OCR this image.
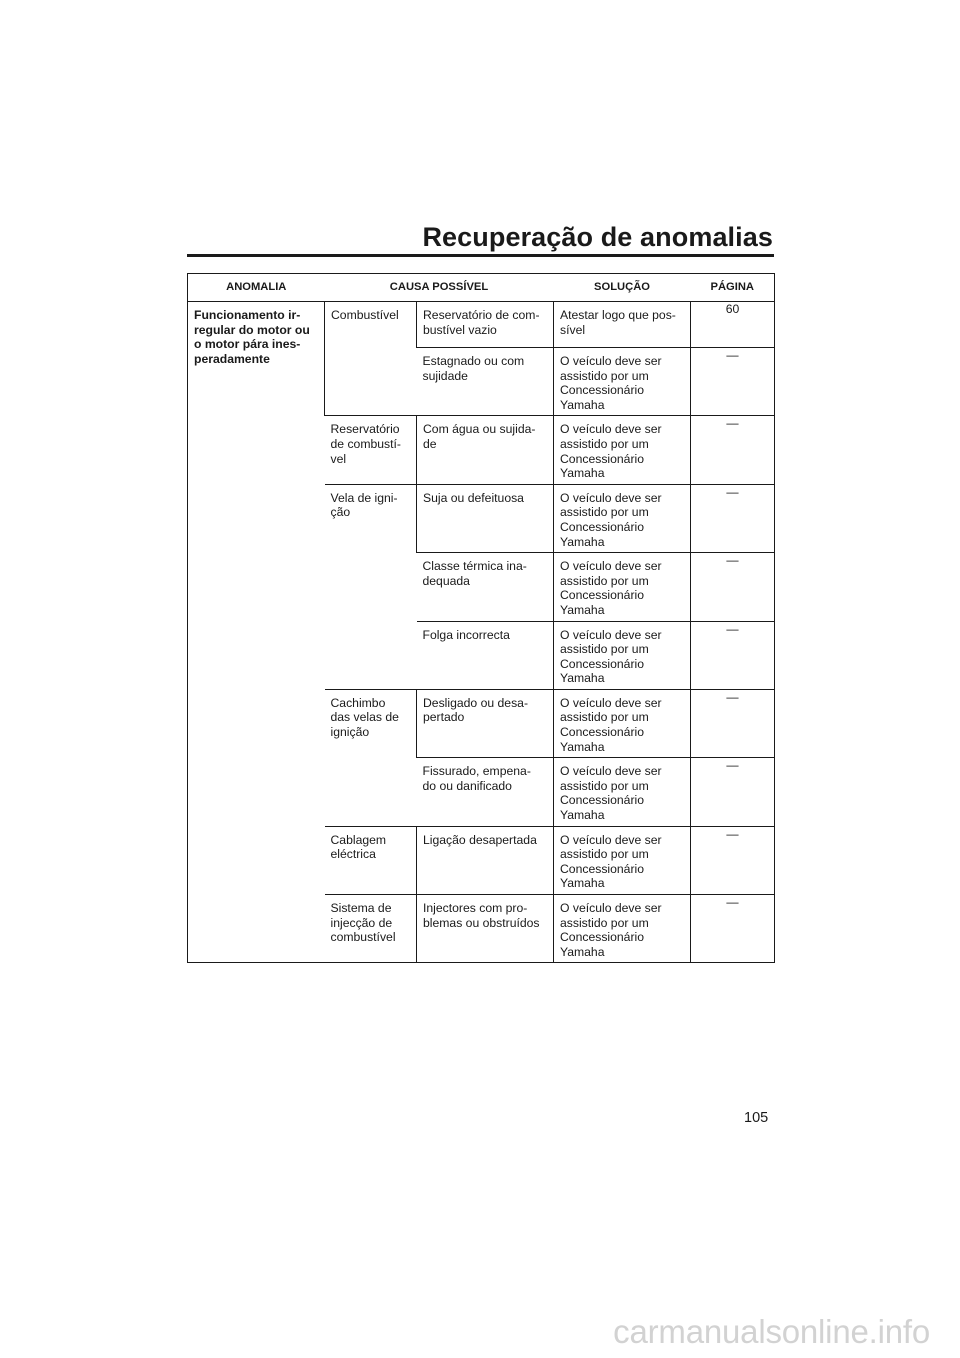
Recuperação de anomalias
ANOMALIA	CAUSA POSSÍVEL		SOLUÇÃO	PÁGINA
Funcionamento ir-
regular do motor ou
o motor pára ines-
peradamente	Combustível	Reservatório de com-
bustível vazio	Atestar logo que pos-
sível	60
		Estagnado ou com
sujidade	O veículo deve ser
assistido por um
Concessionário
Yamaha	—
	Reservatório
de combustí-
vel	Com água ou sujida-
de	O veículo deve ser
assistido por um
Concessionário
Yamaha	—
	Vela de igni-
ção	Suja ou defeituosa	O veículo deve ser
assistido por um
Concessionário
Yamaha	—
		Classe térmica ina-
dequada	O veículo deve ser
assistido por um
Concessionário
Yamaha	—
		Folga incorrecta	O veículo deve ser
assistido por um
Concessionário
Yamaha	—
	Cachimbo
das velas de
ignição	Desligado ou desa-
pertado	O veículo deve ser
assistido por um
Concessionário
Yamaha	—
		Fissurado, empena-
do ou danificado	O veículo deve ser
assistido por um
Concessionário
Yamaha	—
	Cablagem
eléctrica	Ligação desapertada	O veículo deve ser
assistido por um
Concessionário
Yamaha	—
	Sistema de
injecção de
combustível	Injectores com pro-
blemas ou obstruídos	O veículo deve ser
assistido por um
Concessionário
Yamaha	—
105
carmanualsonline.info
